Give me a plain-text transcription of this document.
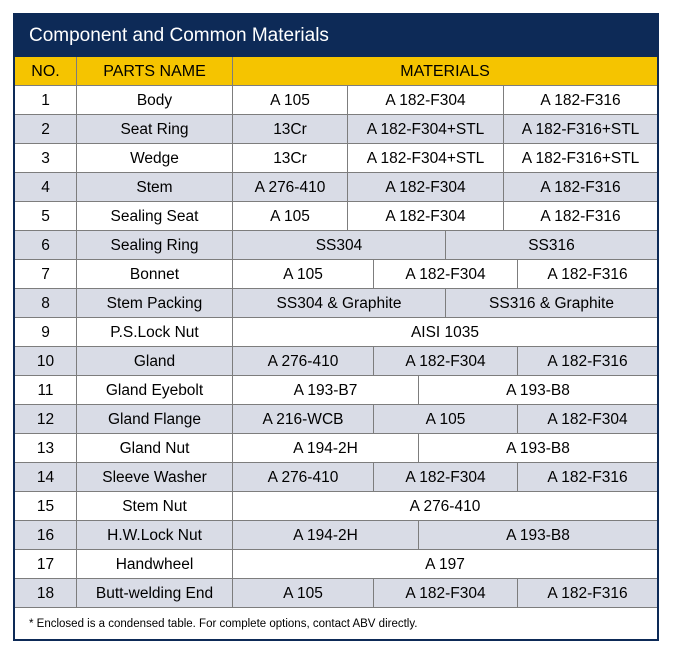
Component and Common Materials
NO.	PARTS NAME	MATERIALS
1	Body	A 105	A 182-F304	A 182-F316
2	Seat Ring	13Cr	A 182-F304+STL	A 182-F316+STL
3	Wedge	13Cr	A 182-F304+STL	A 182-F316+STL
4	Stem	A 276-410	A 182-F304	A 182-F316
5	Sealing Seat	A 105	A 182-F304	A 182-F316
6	Sealing Ring	SS304	SS316
7	Bonnet	A 105	A 182-F304	A 182-F316
8	Stem Packing	SS304 & Graphite	SS316 & Graphite
9	P.S.Lock Nut	AISI 1035
10	Gland	A 276-410	A 182-F304	A 182-F316
11	Gland Eyebolt	A 193-B7	A 193-B8
12	Gland Flange	A 216-WCB	A 105	A 182-F304
13	Gland Nut	A 194-2H	A 193-B8
14	Sleeve Washer	A 276-410	A 182-F304	A 182-F316
15	Stem Nut	A 276-410
16	H.W.Lock Nut	A 194-2H	A 193-B8
17	Handwheel	A 197
18	Butt-welding End	A 105	A 182-F304	A 182-F316
* Enclosed is a condensed table. For complete options, contact ABV directly.
